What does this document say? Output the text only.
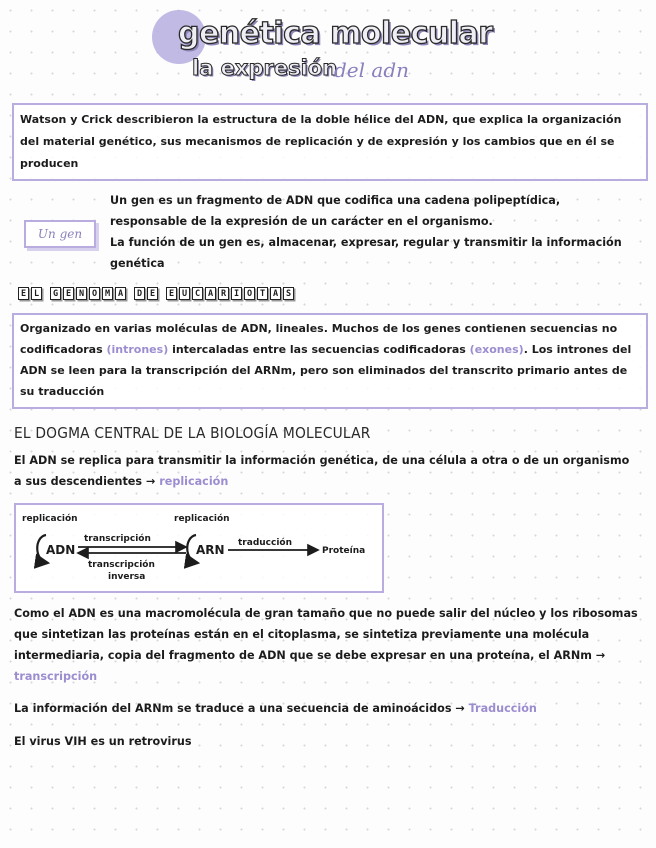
genética molecular
la expresión
del adn
Watson y Crick describieron la estructura de la doble hélice del ADN, que explica la organización del material genético, sus mecanismos de replicación y de expresión y los cambios que en él se producen
Un gen
Un gen es un fragmento de ADN que codifica una cadena polipeptídica, responsable de la expresión de un carácter en el organismo.
La función de un gen es, almacenar, expresar, regular y transmitir la información genética
E L	G E N O M A	D E	E U C A R I O T A S
Organizado en varias moléculas de ADN, lineales. Muchos de los genes contienen secuencias no codificadoras (intrones) intercaladas entre las secuencias codificadoras (exones). Los intrones del ADN se leen para la transcripción del ARNm, pero son eliminados del transcrito primario antes de su traducción
EL DOGMA CENTRAL DE LA BIOLOGÍA MOLECULAR
El ADN se replica para transmitir la información genética, de una célula a otra o de un organismo a sus descendientes → replicación
replicación	replicación
ADN	ARN
transcripción
transcripción
inversa
traducción
Proteína
Como el ADN es una macromolécula de gran tamaño que no puede salir del núcleo y los ribosomas que sintetizan las proteínas están en el citoplasma, se sintetiza previamente una molécula intermediaria, copia del fragmento de ADN que se debe expresar en una proteína, el ARNm → transcripción
La información del ARNm se traduce a una secuencia de aminoácidos → Traducción
El virus VIH es un retrovirus
